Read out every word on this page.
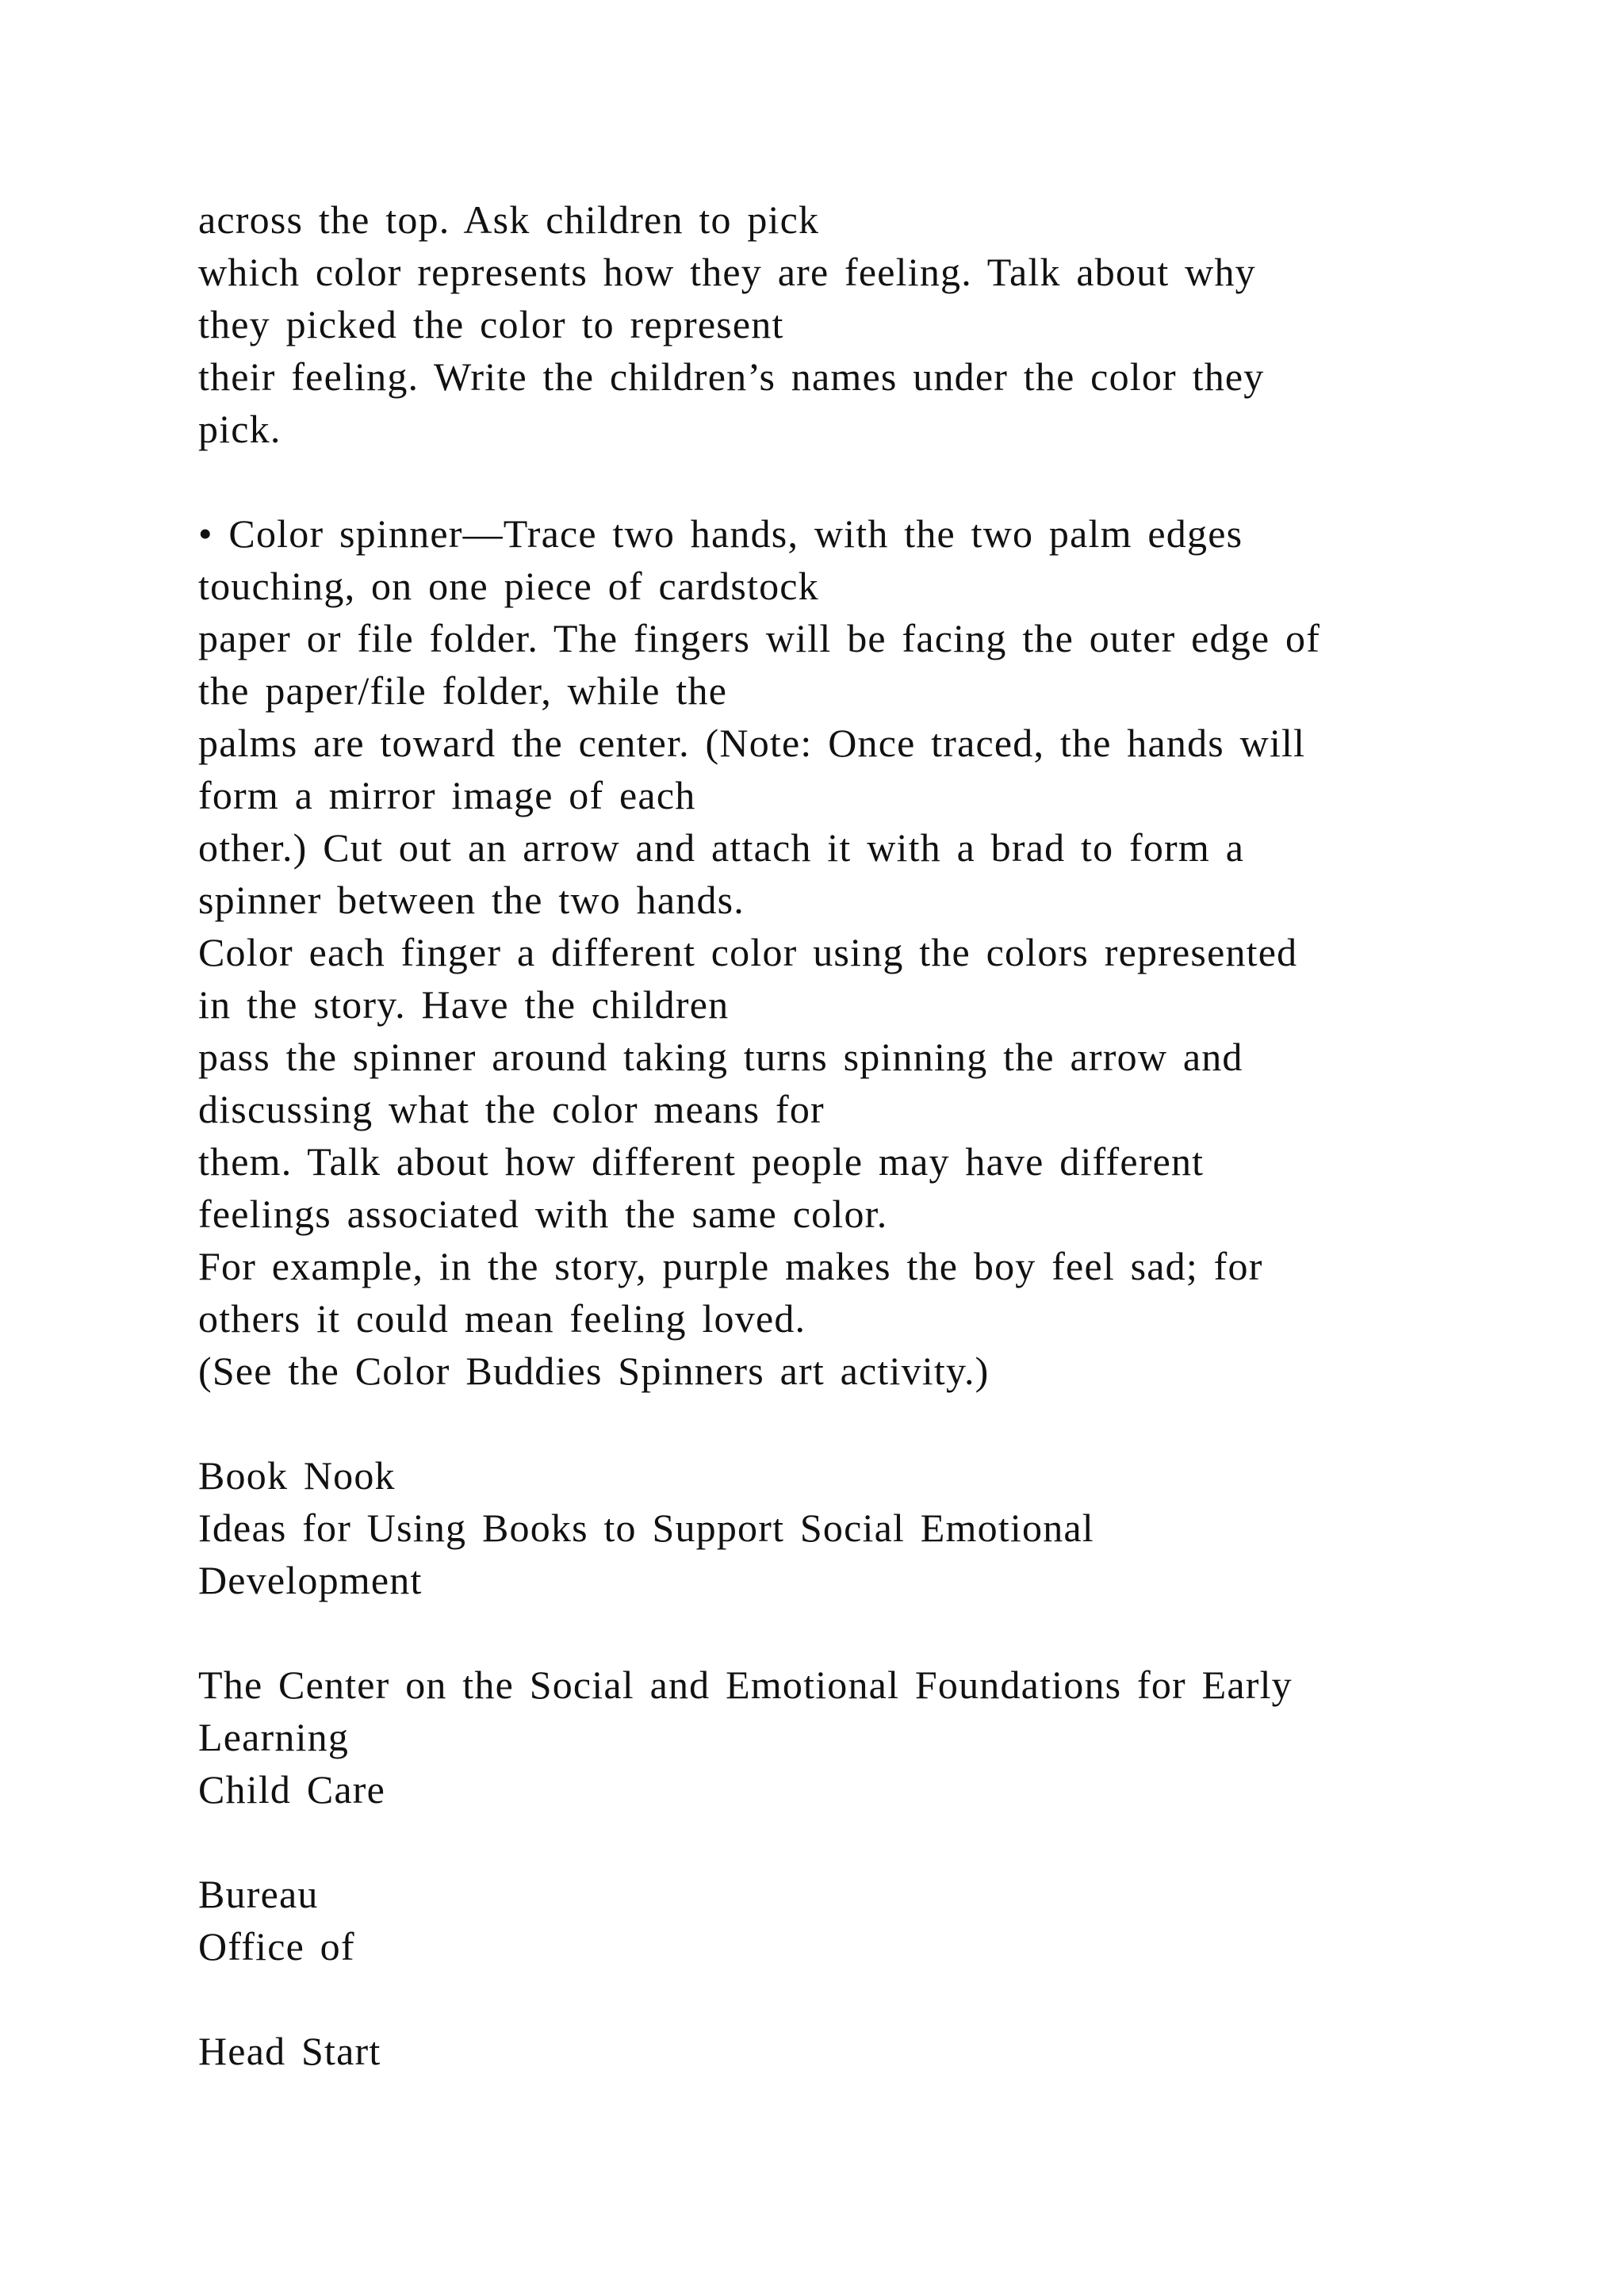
across the top. Ask children to pick
which color represents how they are feeling. Talk about why
they picked the color to represent
their feeling. Write the children’s names under the color they
pick.
• Color spinner—Trace two hands, with the two palm edges
touching, on one piece of cardstock
paper or file folder. The fingers will be facing the outer edge of
the paper/file folder, while the
palms are toward the center. (Note: Once traced, the hands will
form a mirror image of each
other.) Cut out an arrow and attach it with a brad to form a
spinner between the two hands.
Color each finger a different color using the colors represented
in the story. Have the children
pass the spinner around taking turns spinning the arrow and
discussing what the color means for
them. Talk about how different people may have different
feelings associated with the same color.
For example, in the story, purple makes the boy feel sad; for
others it could mean feeling loved.
(See the Color Buddies Spinners art activity.)
Book Nook
Ideas for Using Books to Support Social Emotional
Development
The Center on the Social and Emotional Foundations for Early
Learning
Child Care
Bureau
Office of
Head Start
